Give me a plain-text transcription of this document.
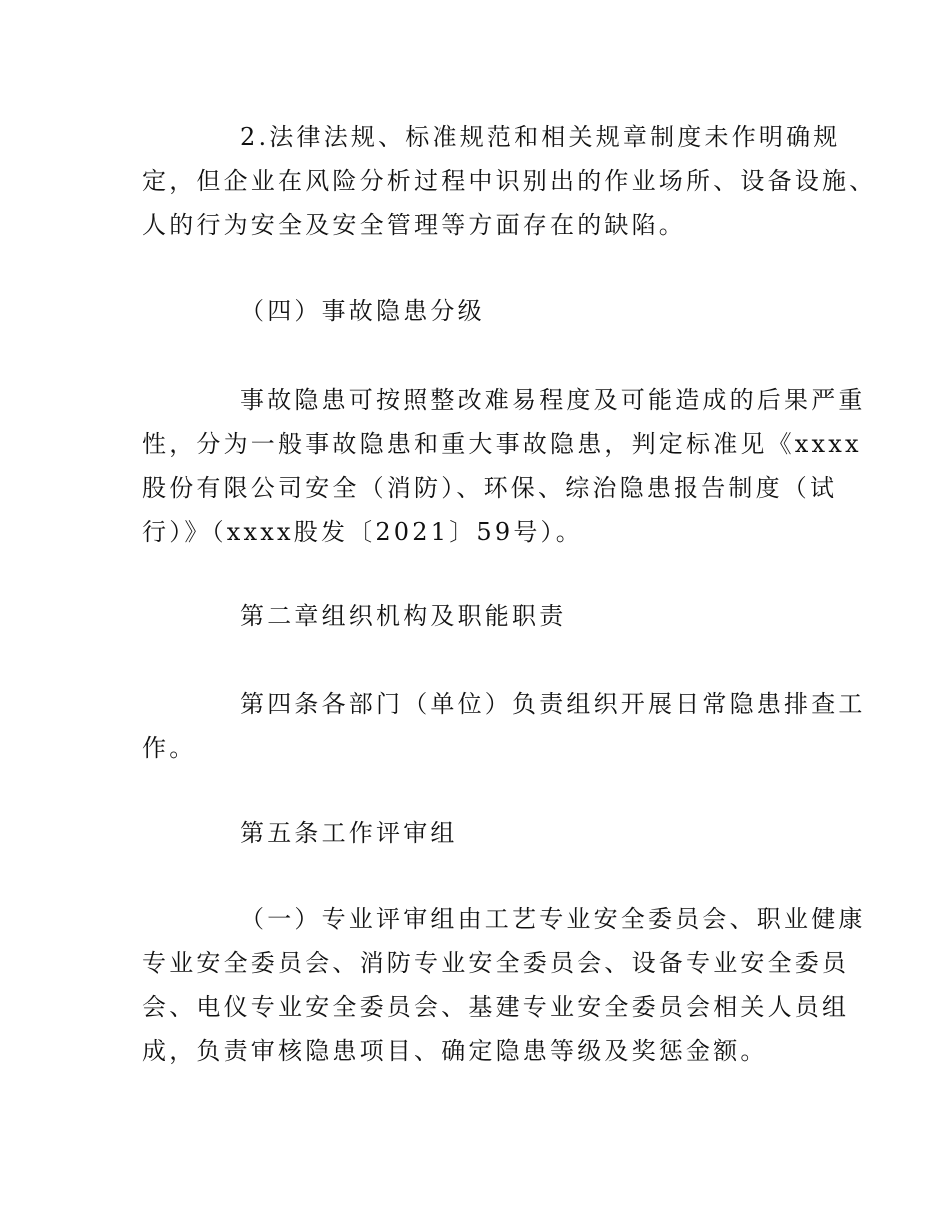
2.法律法规、标准规范和相关规章制度未作明确规
定，但企业在风险分析过程中识别出的作业场所、设备设施、
人的行为安全及安全管理等方面存在的缺陷。
（四）事故隐患分级
事故隐患可按照整改难易程度及可能造成的后果严重
性，分为一般事故隐患和重大事故隐患，判定标准见《xxxx
股份有限公司安全（消防）、环保、综治隐患报告制度（试
行）》（xxxx股发〔2021〕59号）。
第二章组织机构及职能职责
第四条各部门（单位）负责组织开展日常隐患排查工
作。
第五条工作评审组
（一）专业评审组由工艺专业安全委员会、职业健康
专业安全委员会、消防专业安全委员会、设备专业安全委员
会、电仪专业安全委员会、基建专业安全委员会相关人员组
成，负责审核隐患项目、确定隐患等级及奖惩金额。
